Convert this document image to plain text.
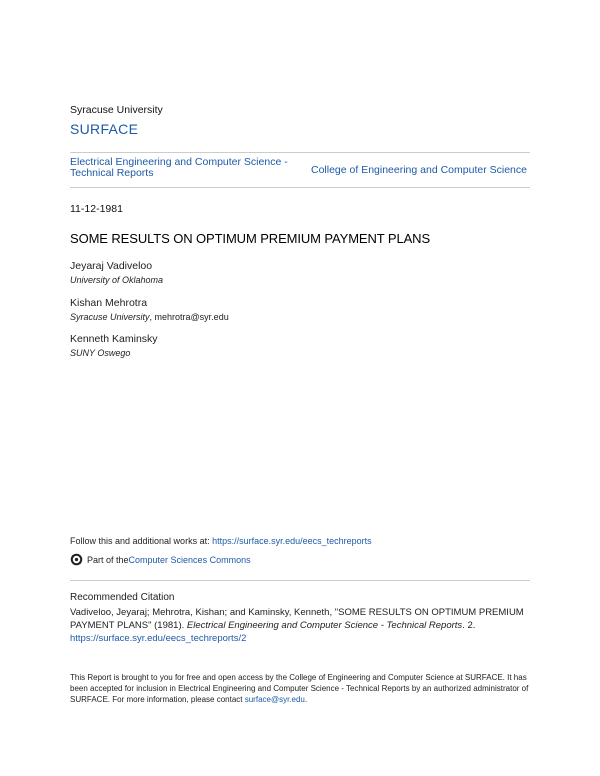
Syracuse University
SURFACE
Electrical Engineering and Computer Science - Technical Reports	College of Engineering and Computer Science
11-12-1981
SOME RESULTS ON OPTIMUM PREMIUM PAYMENT PLANS
Jeyaraj Vadiveloo
University of Oklahoma
Kishan Mehrotra
Syracuse University, mehrotra@syr.edu
Kenneth Kaminsky
SUNY Oswego
Follow this and additional works at: https://surface.syr.edu/eecs_techreports
Part of the Computer Sciences Commons
Recommended Citation
Vadiveloo, Jeyaraj; Mehrotra, Kishan; and Kaminsky, Kenneth, "SOME RESULTS ON OPTIMUM PREMIUM PAYMENT PLANS" (1981). Electrical Engineering and Computer Science - Technical Reports. 2.
https://surface.syr.edu/eecs_techreports/2
This Report is brought to you for free and open access by the College of Engineering and Computer Science at SURFACE. It has been accepted for inclusion in Electrical Engineering and Computer Science - Technical Reports by an authorized administrator of SURFACE. For more information, please contact surface@syr.edu.
